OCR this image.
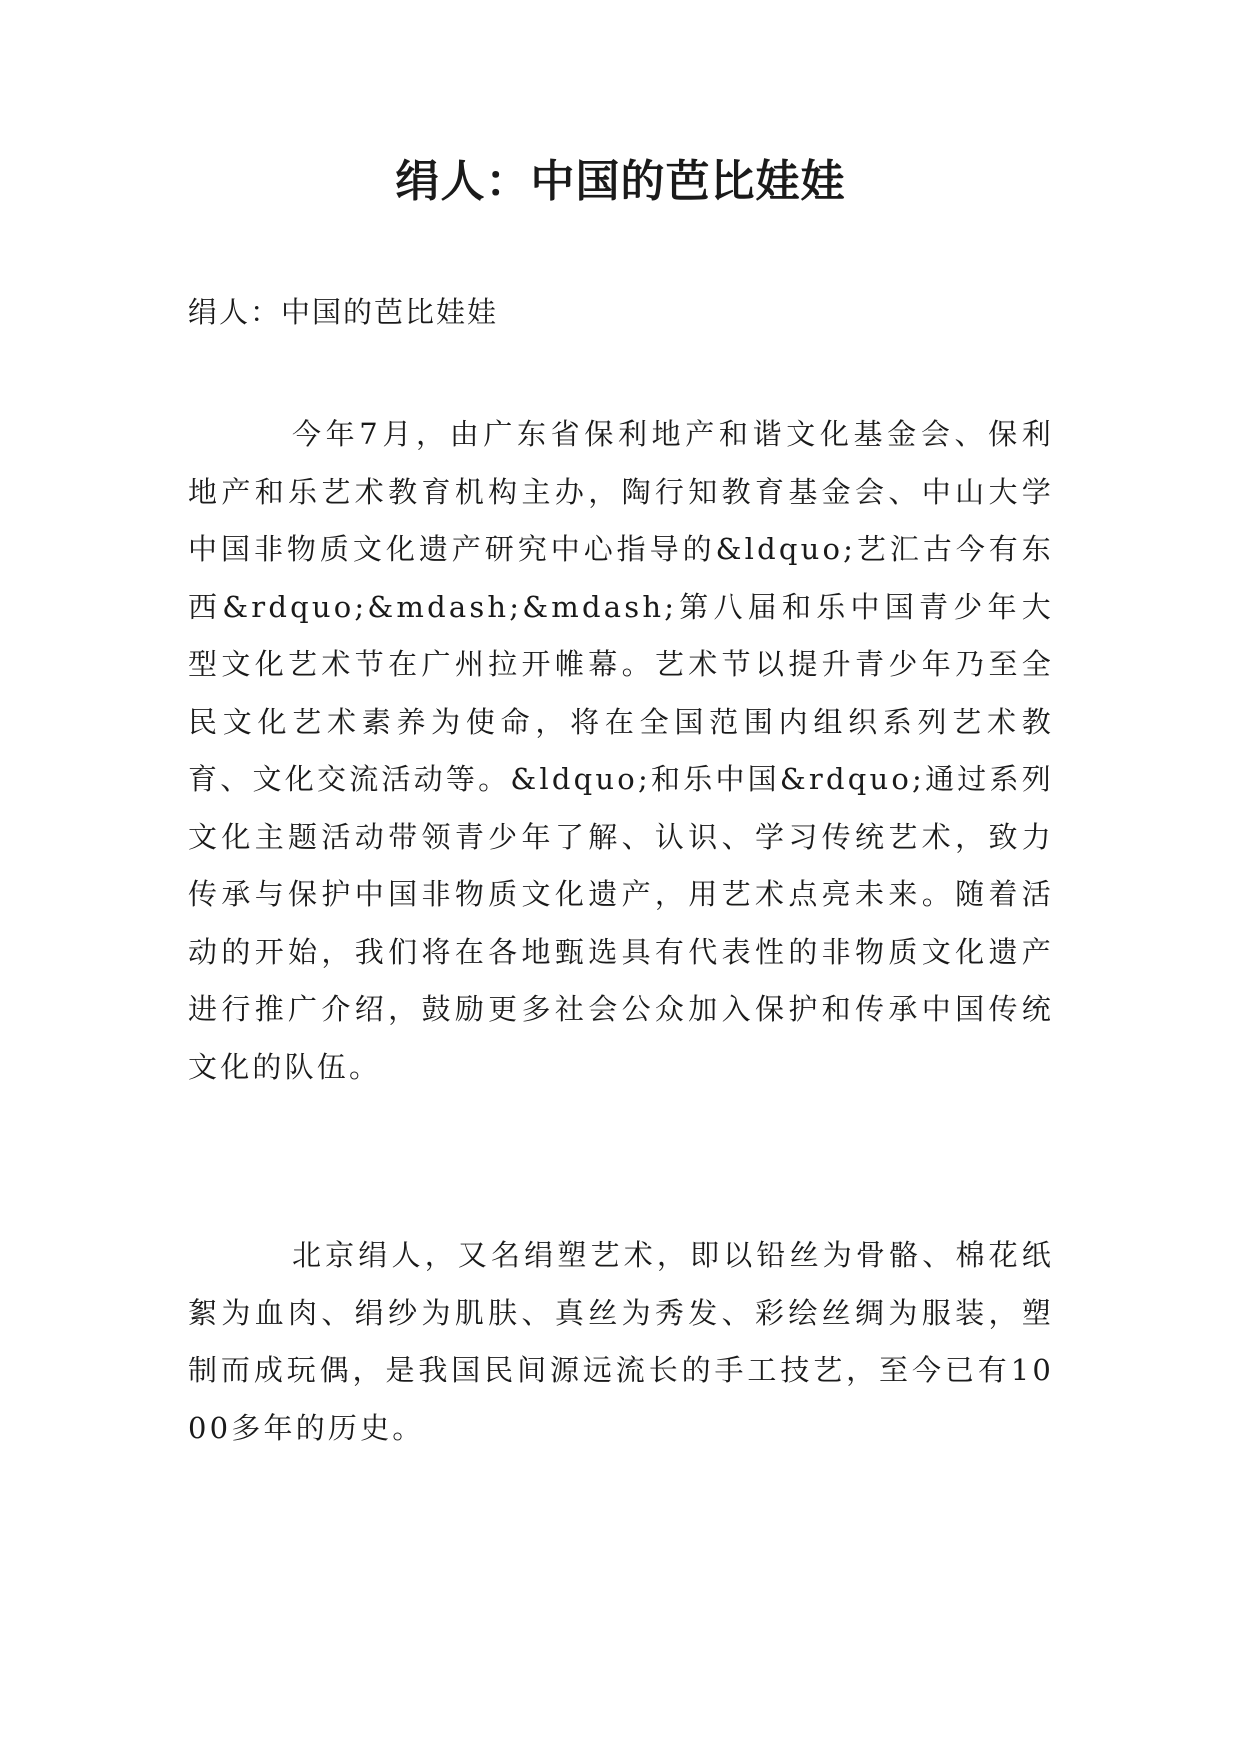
绢人：中国的芭比娃娃

绢人：中国的芭比娃娃

今年7月，由广东省保利地产和谐文化基金会、保利地产和乐艺术教育机构主办，陶行知教育基金会、中山大学中国非物质文化遗产研究中心指导的&ldquo;艺汇古今有东西&rdquo;&mdash;&mdash;第八届和乐中国青少年大型文化艺术节在广州拉开帷幕。艺术节以提升青少年乃至全民文化艺术素养为使命，将在全国范围内组织系列艺术教育、文化交流活动等。&ldquo;和乐中国&rdquo;通过系列文化主题活动带领青少年了解、认识、学习传统艺术，致力传承与保护中国非物质文化遗产，用艺术点亮未来。随着活动的开始，我们将在各地甄选具有代表性的非物质文化遗产进行推广介绍，鼓励更多社会公众加入保护和传承中国传统文化的队伍。

北京绢人，又名绢塑艺术，即以铅丝为骨骼、棉花纸絮为血肉、绢纱为肌肤、真丝为秀发、彩绘丝绸为服装，塑制而成玩偶，是我国民间源远流长的手工技艺，至今已有1000多年的历史。
